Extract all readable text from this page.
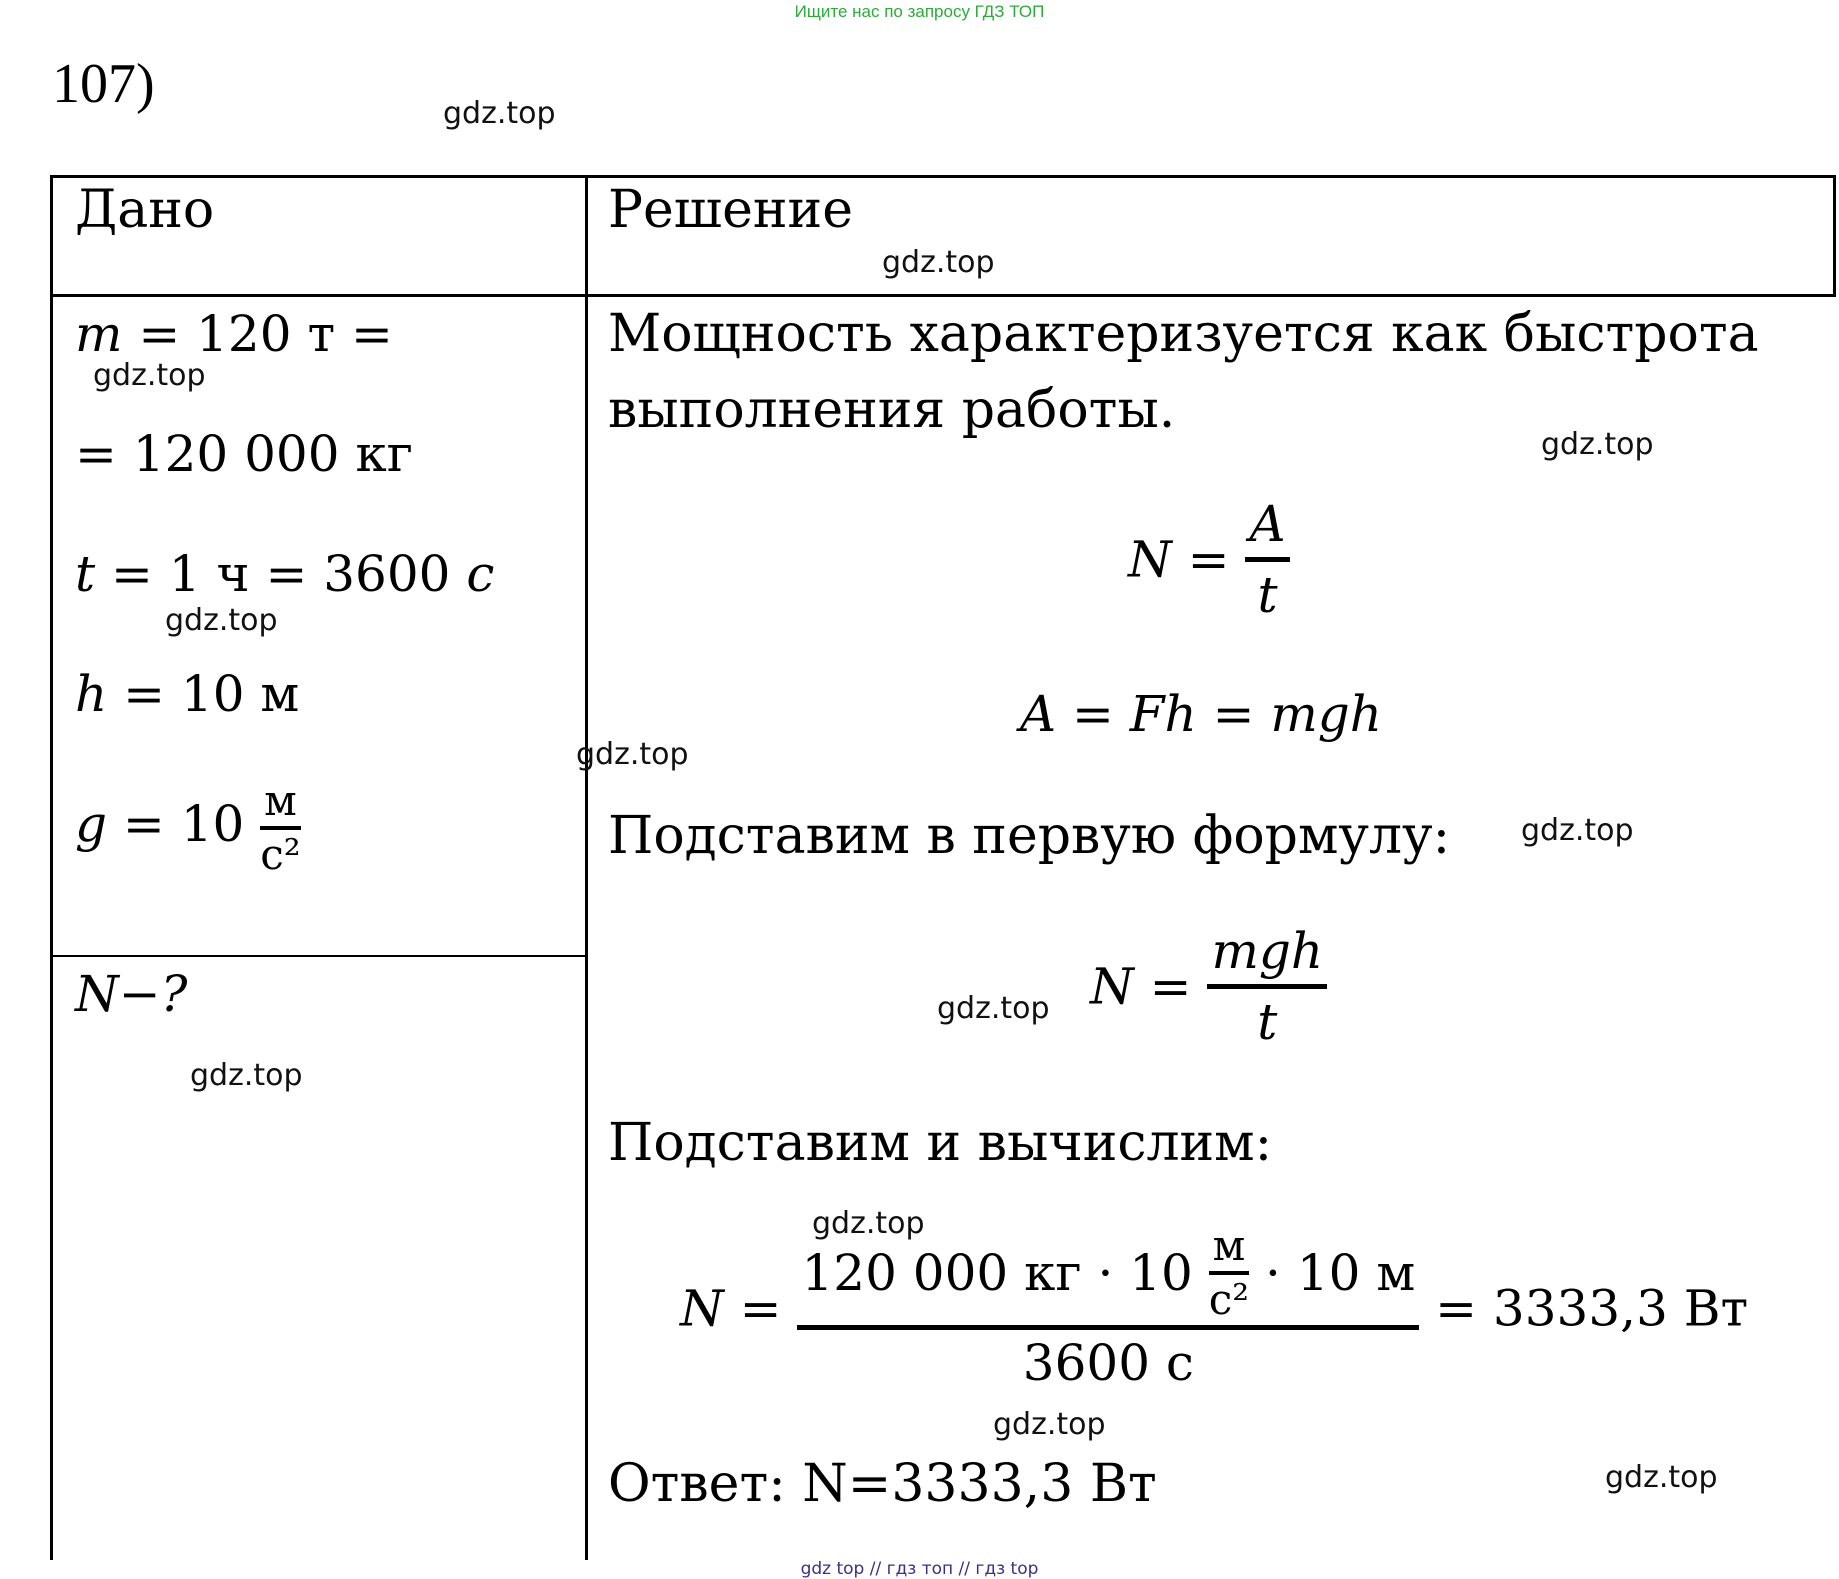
Ищите нас по запросу ГДЗ ТОП
107)
Дано	Решение
m = 120 т =
= 120 000 кг
t = 1 ч = 3600 с
h = 10 м
g = 10 м
с²
N−?
Мощность характеризуется как быстрота
выполнения работы.
N =
A
t
A = Fh = mgh
Подставим в первую формулу:
N =
mgh
t
Подставим и вычислим:
N =
120 000 кг · 10 м
с² · 10 м
3600 с
= 3333,3 Вт
Ответ: N=3333,3 Вт
gdz.top
gdz.top
gdz.top
gdz.top
gdz.top
gdz.top
gdz.top
gdz.top
gdz.top
gdz.top
gdz.top
gdz.top
gdz top // гдз топ // гдз top
